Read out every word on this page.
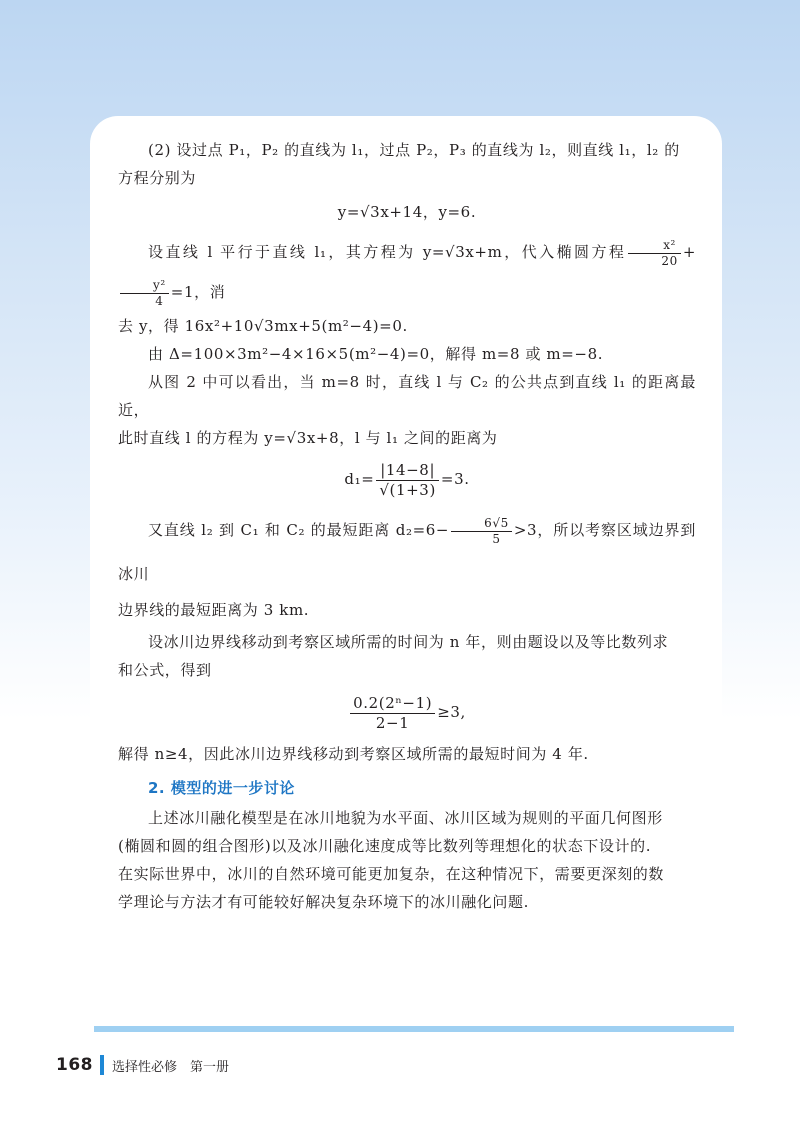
(2) 设过点 P₁，P₂ 的直线为 l₁，过点 P₂，P₃ 的直线为 l₂，则直线 l₁，l₂ 的

方程分别为

y=√3x+14，y=6.

设直线 l 平行于直线 l₁，其方程为 y=√3x+m，代入椭圆方程 $\frac{\text{x²}}{20}$ +
$\frac{\text{y²}}{4} =1$，消

去 y，得 16x²+10√3mx+5(m²−4)=0.

由 Δ=100×3m²−4×16×5(m²−4)=0，解得 m=8 或 m=−8.

从图 2 中可以看出，当 m=8 时，直线 l 与 C₂ 的公共点到直线 l₁ 的距离最近，

此时直线 l 的方程为 y=√3x+8，l 与 l₁ 之间的距离为

$d_1= \frac{|14-8|}{√(1+3)} =3$.

又直线 l₂ 到 C₁ 和 C₂ 的最短距离 $d_2=6- \frac{6√5}{5} >3$，所以考察区域边界到冰川

边界线的最短距离为 3 km.

设冰川边界线移动到考察区域所需的时间为 n 年，则由题设以及等比数列求

和公式，得到

$\frac{\text{0.2(2ⁿ−1)}}{2-1} \ge 3$,

解得 n≥4，因此冰川边界线移动到考察区域所需的最短时间为 4 年.

2. 模型的进一步讨论

上述冰川融化模型是在冰川地貌为水平面、冰川区域为规则的平面几何图形

(椭圆和圆的组合图形)以及冰川融化速度成等比数列等理想化的状态下设计的.

在实际世界中，冰川的自然环境可能更加复杂，在这种情况下，需要更深刻的数

学理论与方法才有可能较好解决复杂环境下的冰川融化问题.

168 选择性必修　第一册
